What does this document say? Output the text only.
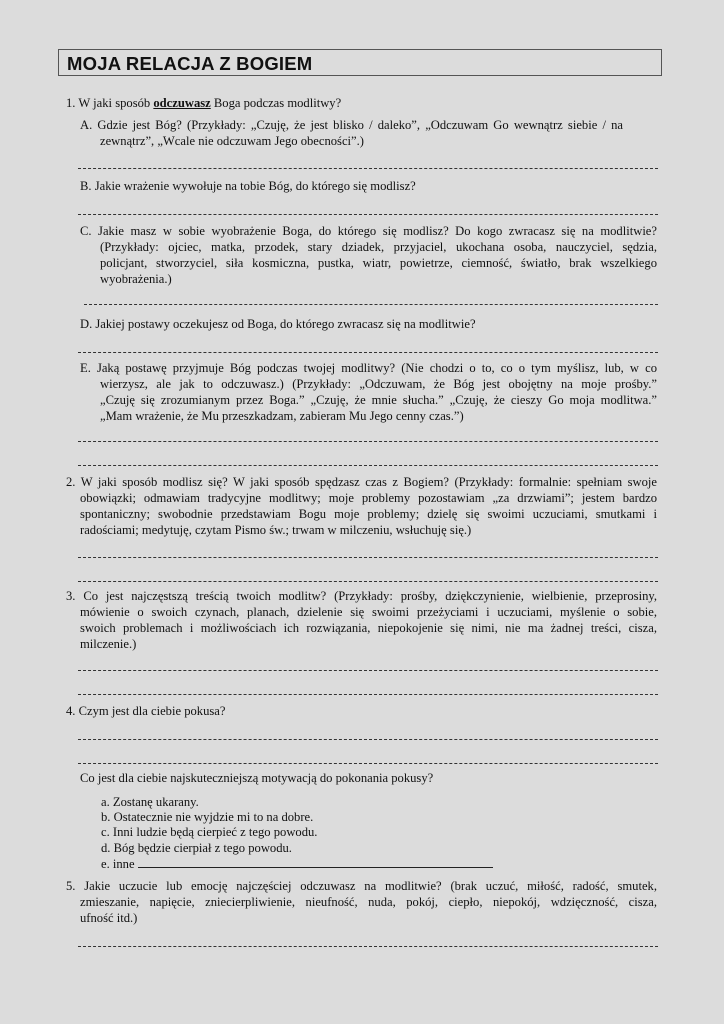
MOJA RELACJA Z BOGIEM
1. W jaki sposób odczuwasz Boga podczas modlitwy?
A. Gdzie jest Bóg? (Przykłady: „Czuję, że jest blisko / daleko”, „Odczuwam Go wewnątrz siebie / na
zewnątrz”, „Wcale nie odczuwam Jego obecności”.)
B. Jakie wrażenie wywołuje na tobie Bóg, do którego się modlisz?
C. Jakie masz w sobie wyobrażenie Boga, do którego się modlisz? Do kogo zwracasz się na modlitwie?
(Przykłady: ojciec, matka, przodek, stary dziadek, przyjaciel, ukochana osoba, nauczyciel, sędzia,
policjant, stworzyciel, siła kosmiczna, pustka, wiatr, powietrze, ciemność, światło, brak wszelkiego
wyobrażenia.)
D. Jakiej postawy oczekujesz od Boga, do którego zwracasz się na modlitwie?
E. Jaką postawę przyjmuje Bóg podczas twojej modlitwy? (Nie chodzi o to, co o tym myślisz, lub, w co
wierzysz, ale jak to odczuwasz.) (Przykłady: „Odczuwam, że Bóg jest obojętny na moje prośby.”
„Czuję się zrozumianym przez Boga.” „Czuję, że mnie słucha.” „Czuję, że cieszy Go moja modlitwa.”
„Mam wrażenie, że Mu przeszkadzam, zabieram Mu Jego cenny czas.”)
2. W jaki sposób modlisz się? W jaki sposób spędzasz czas z Bogiem? (Przykłady: formalnie: spełniam swoje
obowiązki; odmawiam tradycyjne modlitwy; moje problemy pozostawiam „za drzwiami”; jestem bardzo
spontaniczny; swobodnie przedstawiam Bogu moje problemy; dzielę się swoimi uczuciami, smutkami i
radościami; medytuję, czytam Pismo św.; trwam w milczeniu, wsłuchuję się.)
3. Co jest najczęstszą treścią twoich modlitw? (Przykłady: prośby, dziękczynienie, wielbienie, przeprosiny,
mówienie o swoich czynach, planach, dzielenie się swoimi przeżyciami i uczuciami, myślenie o sobie,
swoich problemach i możliwościach ich rozwiązania, niepokojenie się nimi, nie ma żadnej treści, cisza,
milczenie.)
4. Czym jest dla ciebie pokusa?
Co jest dla ciebie najskuteczniejszą motywacją do pokonania pokusy?
a. Zostanę ukarany.
b. Ostatecznie nie wyjdzie mi to na dobre.
c. Inni ludzie będą cierpieć z tego powodu.
d. Bóg będzie cierpiał z tego powodu.
e. inne
5. Jakie uczucie lub emocję najczęściej odczuwasz na modlitwie? (brak uczuć, miłość, radość, smutek,
zmieszanie, napięcie, zniecierpliwienie, nieufność, nuda, pokój, ciepło, niepokój, wdzięczność, cisza,
ufność itd.)
